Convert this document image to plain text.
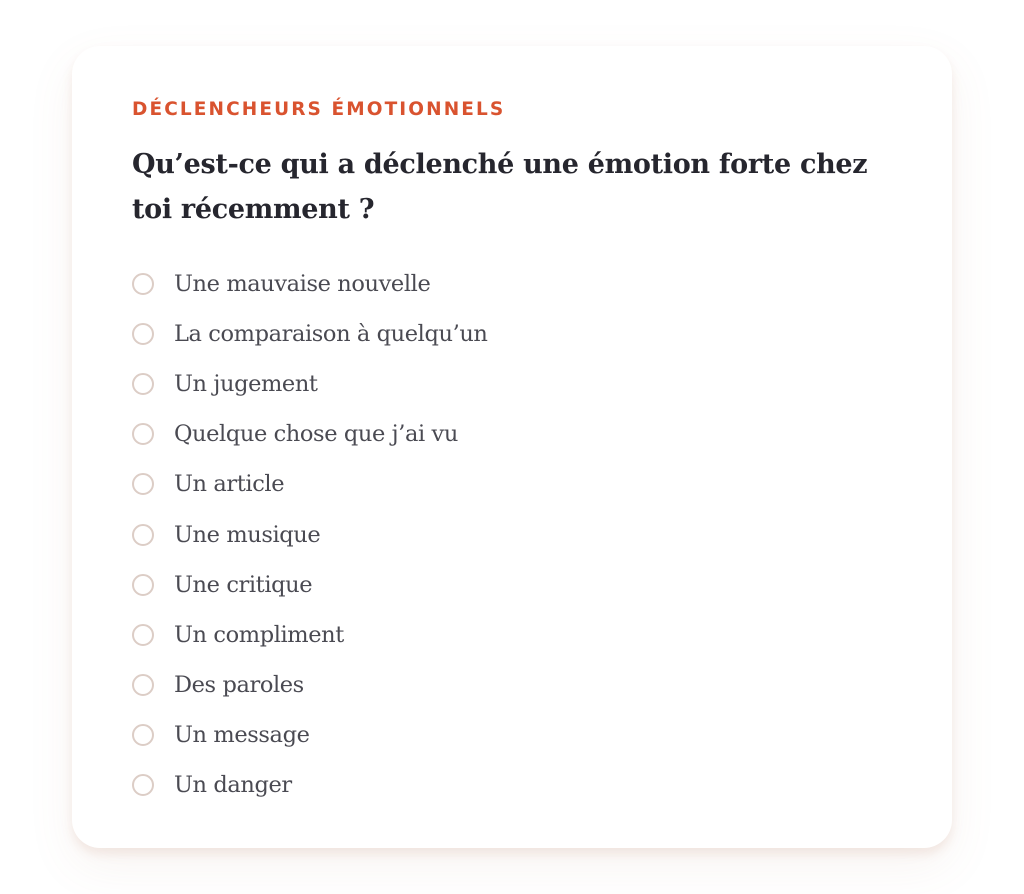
DÉCLENCHEURS ÉMOTIONNELS

Qu’est-ce qui a déclenché une émotion forte chez toi récemment ?
Une mauvaise nouvelle
La comparaison à quelqu’un
Un jugement
Quelque chose que j’ai vu
Un article
Une musique
Une critique
Un compliment
Des paroles
Un message
Un danger
